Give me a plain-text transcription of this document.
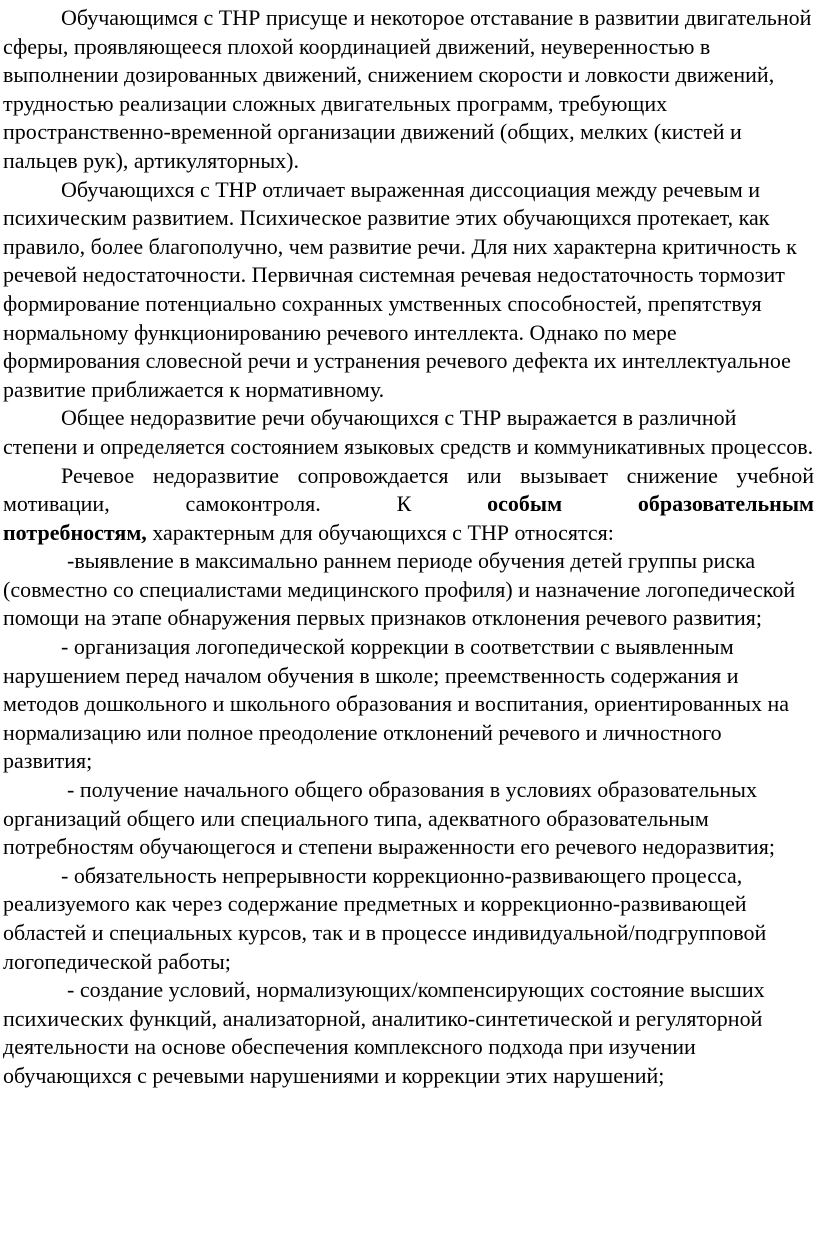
Обучающимся с ТНР присуще и некоторое отставание в развитии двигательной сферы, проявляющееся плохой координацией движений, неуверенностью в выполнении дозированных движений, снижением скорости и ловкости движений, трудностью реализации сложных двигательных программ, требующих пространственно-временной организации движений (общих, мелких (кистей и пальцев рук), артикуляторных).

Обучающихся с ТНР отличает выраженная диссоциация между речевым и психическим развитием. Психическое развитие этих обучающихся протекает, как правило, более благополучно, чем развитие речи. Для них характерна критичность к речевой недостаточности. Первичная системная речевая недостаточность тормозит формирование потенциально сохранных умственных способностей, препятствуя нормальному функционированию речевого интеллекта. Однако по мере формирования словесной речи и устранения речевого дефекта их интеллектуальное развитие приближается к нормативному.

Общее недоразвитие речи обучающихся с ТНР выражается в различной степени и определяется состоянием языковых средств и коммуникативных процессов.

Речевое недоразвитие сопровождается или вызывает снижение учебной
мотивации,	самоконтроля.	К	особым	образовательным
потребностям, характерным для обучающихся с ТНР относятся:

-выявление в максимально раннем периоде обучения детей группы риска (совместно со специалистами медицинского профиля) и назначение логопедической помощи на этапе обнаружения первых признаков отклонения речевого развития;

- организация логопедической коррекции в соответствии с выявленным нарушением перед началом обучения в школе; преемственность содержания и методов дошкольного и школьного образования и воспитания, ориентированных на нормализацию или полное преодоление отклонений речевого и личностного развития;

- получение начального общего образования в условиях образовательных организаций общего или специального типа, адекватного образовательным потребностям обучающегося и степени выраженности его речевого недоразвития;

- обязательность непрерывности коррекционно-развивающего процесса, реализуемого как через содержание предметных и коррекционно-развивающей областей и специальных курсов, так и в процессе индивидуальной/подгрупповой логопедической работы;

- создание условий, нормализующих/компенсирующих состояние высших психических функций, анализаторной, аналитико-синтетической и регуляторной деятельности на основе обеспечения комплексного подхода при изучении обучающихся с речевыми нарушениями и коррекции этих нарушений;
